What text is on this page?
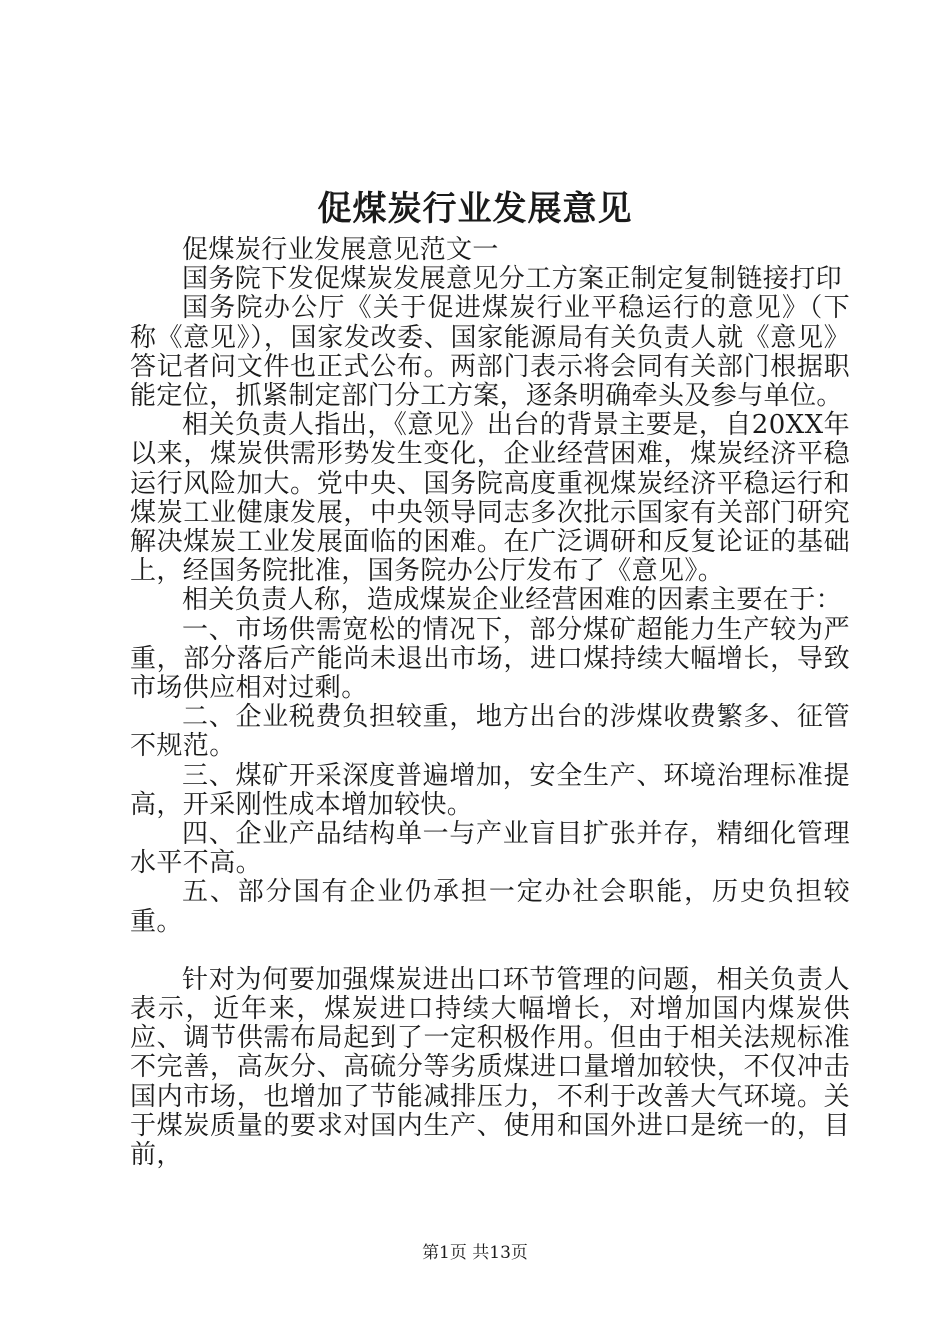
促煤炭行业发展意见

促煤炭行业发展意见范文一

国务院下发促煤炭发展意见分工方案正制定复制链接打印

国务院办公厅《关于促进煤炭行业平稳运行的意见》（下称《意见》），国家发改委、国家能源局有关负责人就《意见》答记者问文件也正式公布。两部门表示将会同有关部门根据职能定位，抓紧制定部门分工方案，逐条明确牵头及参与单位。

相关负责人指出，《意见》出台的背景主要是，自20XX年以来，煤炭供需形势发生变化，企业经营困难，煤炭经济平稳运行风险加大。党中央、国务院高度重视煤炭经济平稳运行和煤炭工业健康发展，中央领导同志多次批示国家有关部门研究解决煤炭工业发展面临的困难。在广泛调研和反复论证的基础上，经国务院批准，国务院办公厅发布了《意见》。

相关负责人称，造成煤炭企业经营困难的因素主要在于：

一、市场供需宽松的情况下，部分煤矿超能力生产较为严重，部分落后产能尚未退出市场，进口煤持续大幅增长，导致市场供应相对过剩。

二、企业税费负担较重，地方出台的涉煤收费繁多、征管不规范。

三、煤矿开采深度普遍增加，安全生产、环境治理标准提高，开采刚性成本增加较快。

四、企业产品结构单一与产业盲目扩张并存，精细化管理水平不高。

五、部分国有企业仍承担一定办社会职能，历史负担较重。

针对为何要加强煤炭进出口环节管理的问题，相关负责人表示，近年来，煤炭进口持续大幅增长，对增加国内煤炭供应、调节供需布局起到了一定积极作用。但由于相关法规标准不完善，高灰分、高硫分等劣质煤进口量增加较快，不仅冲击国内市场，也增加了节能减排压力，不利于改善大气环境。关于煤炭质量的要求对国内生产、使用和国外进口是统一的，目前，

第1页 共13页
